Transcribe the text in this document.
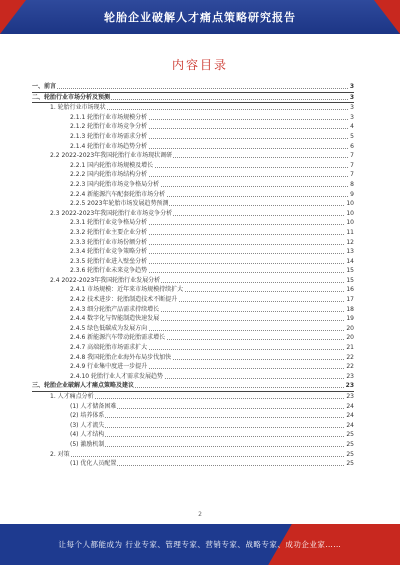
轮胎企业破解人才痛点策略研究报告
内容目录
一、前言	3
二、轮胎行业市场分析及预测	3
1. 轮胎行业市场现状	3
2.1.1 轮胎行业市场规模分析	3
2.1.2 轮胎行业市场竞争分析	4
2.1.3 轮胎行业市场需求分析	5
2.1.4 轮胎行业市场趋势分析	6
2.2 2022-2023年我国轮胎行业市场现状调研	7
2.2.1 国内轮胎市场规模及增长	7
2.2.2 国内轮胎市场结构分析	7
2.2.3 国内轮胎市场竞争格局分析	8
2.2.4 新能源汽车配套轮胎市场分析	9
2.2.5 2023年轮胎市场发展趋势预测	10
2.3 2022-2023年我国轮胎行业市场竞争分析	10
2.3.1 轮胎行业竞争格局分析	10
2.3.2 轮胎行业主要企业分析	11
2.3.3 轮胎行业市场份额分析	12
2.3.4 轮胎行业竞争策略分析	13
2.3.5 轮胎行业进入壁垒分析	14
2.3.6 轮胎行业未来竞争趋势	15
2.4 2022-2023年我国轮胎行业发展分析	15
2.4.1 市场规模：近年来市场规模持续扩大	16
2.4.2 技术进步：轮胎制造技术不断提升	17
2.4.3 细分轮胎产品需求持续增长	18
2.4.4 数字化与智能制造快速发展	19
2.4.5 绿色低碳成为发展方向	20
2.4.6 新能源汽车带动轮胎需求增长	20
2.4.7 高端轮胎市场需求扩大	21
2.4.8 我国轮胎企业海外布局步伐加快	22
2.4.9 行业集中度进一步提升	22
2.4.10 轮胎行业人才需求发展趋势	23
三、轮胎企业破解人才痛点策略及建议	23
1. 人才痛点分析	23
(1) 人才储备困难	24
(2) 培养体系	24
(3) 人才流失	24
(4) 人才结构	25
(5) 激励机制	25
2. 对策	25
(1) 优化人员配置	25
2
让每个人都能成为 行业专家、管理专家、营销专家、战略专家、成功企业家……
